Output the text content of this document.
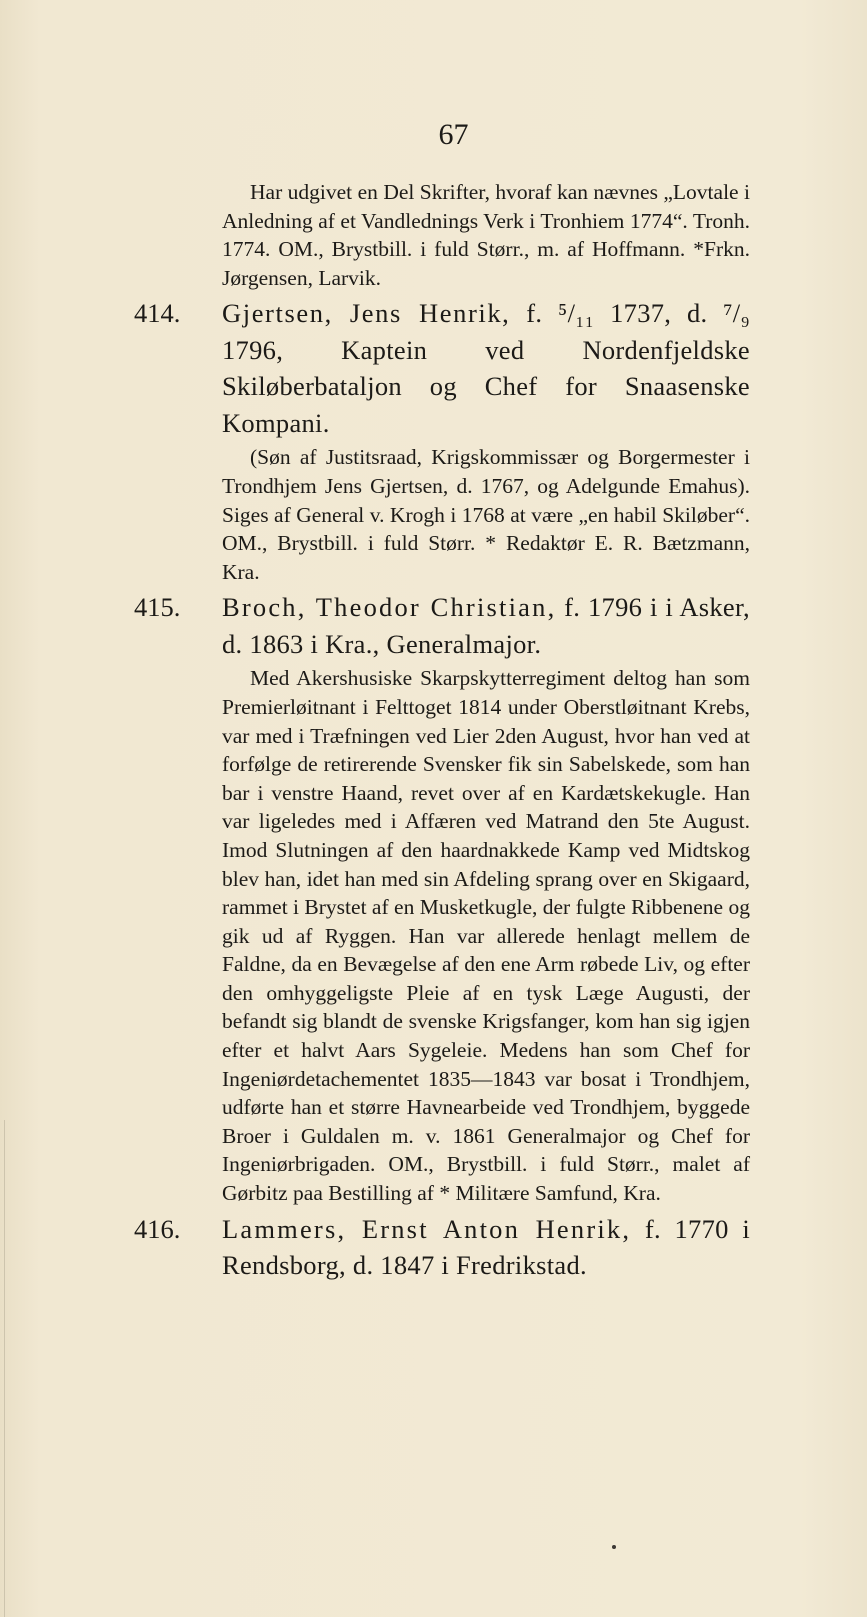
67

Har udgivet en Del Skrifter, hvoraf kan nævnes „Lovtale i Anledning af et Vandlednings Verk i Tronhiem 1774“. Tronh. 1774. OM., Brystbill. i fuld Størr., m. af Hoffmann. *Frkn. Jørgensen, Larvik.

414. Gjertsen, Jens Henrik, f. ⁵/₁₁ 1737, d. ⁷/₉ 1796, Kaptein ved Nordenfjeldske Skiløberbataljon og Chef for Snaasenske Kompani.

(Søn af Justitsraad, Krigskommissær og Borgermester i Trondhjem Jens Gjertsen, d. 1767, og Adelgunde Emahus). Siges af General v. Krogh i 1768 at være „en habil Skiløber“. OM., Brystbill. i fuld Størr. * Redaktør E. R. Bætzmann, Kra.

415. Broch, Theodor Christian, f. 1796 i i Asker, d. 1863 i Kra., Generalmajor.

Med Akershusiske Skarpskytterregiment deltog han som Premierløitnant i Felttoget 1814 under Oberstløitnant Krebs, var med i Træfningen ved Lier 2den August, hvor han ved at forfølge de retirerende Svensker fik sin Sabelskede, som han bar i venstre Haand, revet over af en Kardætskekugle. Han var ligeledes med i Affæren ved Matrand den 5te August. Imod Slutningen af den haardnakkede Kamp ved Midtskog blev han, idet han med sin Afdeling sprang over en Skigaard, rammet i Brystet af en Musketkugle, der fulgte Ribbenene og gik ud af Ryggen. Han var allerede henlagt mellem de Faldne, da en Bevægelse af den ene Arm røbede Liv, og efter den omhyggeligste Pleie af en tysk Læge Augusti, der befandt sig blandt de svenske Krigsfanger, kom han sig igjen efter et halvt Aars Sygeleie. Medens han som Chef for Ingeniørdetachementet 1835—1843 var bosat i Trondhjem, udførte han et større Havnearbeide ved Trondhjem, byggede Broer i Guldalen m. v. 1861 Generalmajor og Chef for Ingeniørbrigaden. OM., Brystbill. i fuld Størr., malet af Gørbitz paa Bestilling af * Militære Samfund, Kra.

416. Lammers, Ernst Anton Henrik, f. 1770 i Rendsborg, d. 1847 i Fredrikstad.
